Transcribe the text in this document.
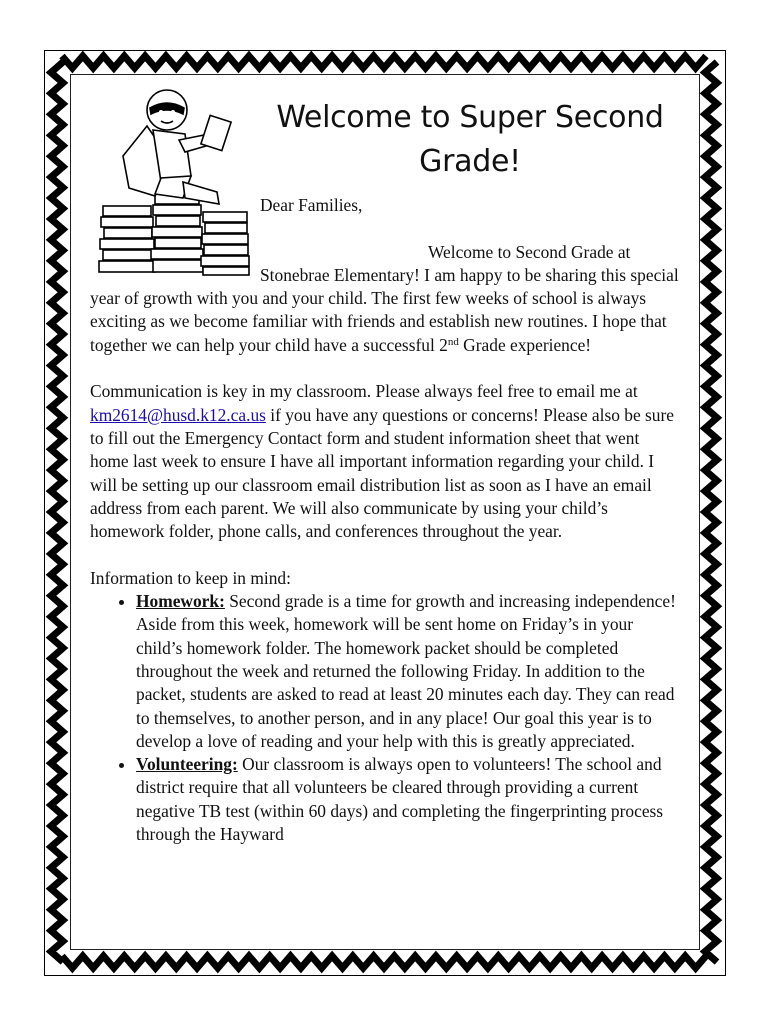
Welcome to Super Second Grade!

Dear Families,

Welcome to Second Grade at Stonebrae Elementary! I am happy to be sharing this special year of growth with you and your child. The first few weeks of school is always exciting as we become familiar with friends and establish new routines. I hope that together we can help your child have a successful 2nd Grade experience!

Communication is key in my classroom. Please always feel free to email me at km2614@husd.k12.ca.us if you have any questions or concerns! Please also be sure to fill out the Emergency Contact form and student information sheet that went home last week to ensure I have all important information regarding your child. I will be setting up our classroom email distribution list as soon as I have an email address from each parent. We will also communicate by using your child’s homework folder, phone calls, and conferences throughout the year.

Information to keep in mind:

• Homework: Second grade is a time for growth and increasing independence! Aside from this week, homework will be sent home on Friday’s in your child’s homework folder. The homework packet should be completed throughout the week and returned the following Friday. In addition to the packet, students are asked to read at least 20 minutes each day. They can read to themselves, to another person, and in any place! Our goal this year is to develop a love of reading and your help with this is greatly appreciated.
• Volunteering: Our classroom is always open to volunteers! The school and district require that all volunteers be cleared through providing a current negative TB test (within 60 days) and completing the fingerprinting process through the Hayward
